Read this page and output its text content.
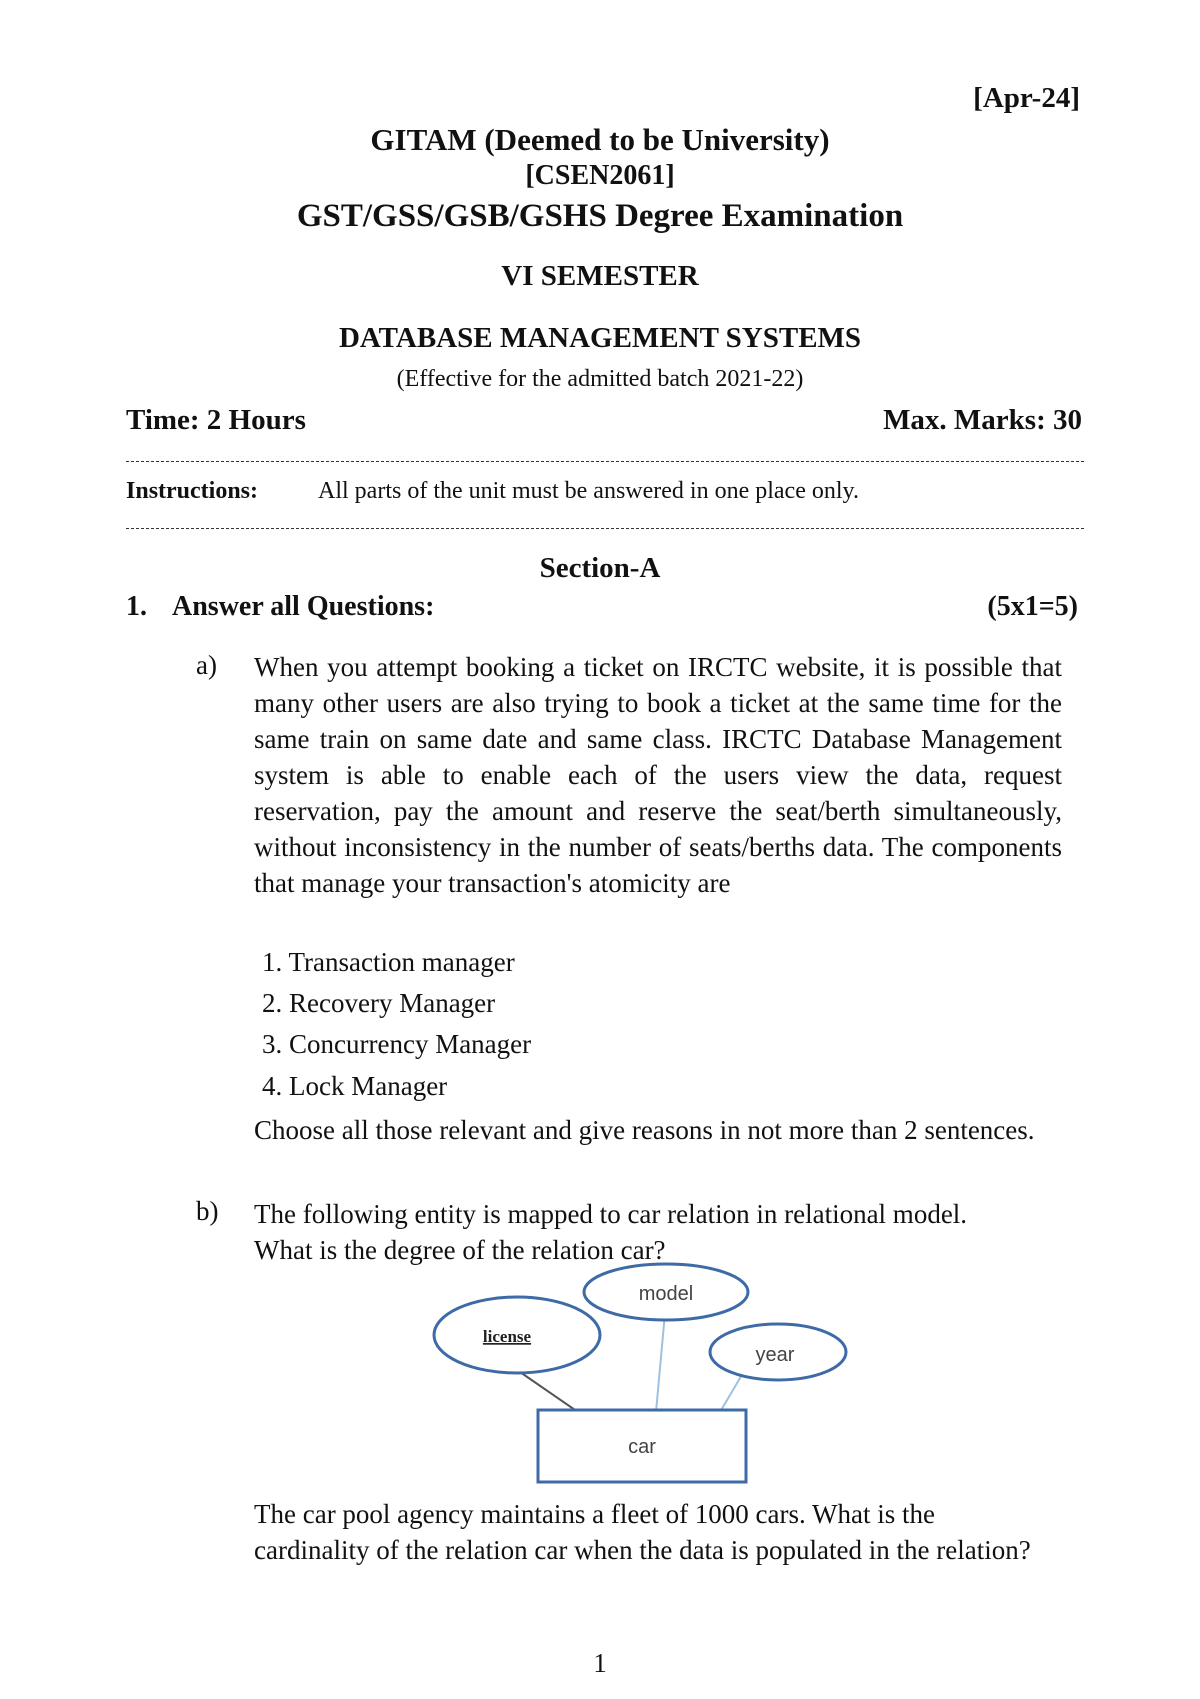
[Apr-24]
GITAM (Deemed to be University)
[CSEN2061]
GST/GSS/GSB/GSHS Degree Examination
VI SEMESTER
DATABASE MANAGEMENT SYSTEMS
(Effective for the admitted batch 2021-22)
Time: 2 Hours	Max. Marks: 30
Instructions: All parts of the unit must be answered in one place only.
Section-A
1. Answer all Questions:	(5x1=5)
a) When you attempt booking a ticket on IRCTC website, it is possible that many other users are also trying to book a ticket at the same time for the same train on same date and same class. IRCTC Database Management system is able to enable each of the users view the data, request reservation, pay the amount and reserve the seat/berth simultaneously, without inconsistency in the number of seats/berths data. The components that manage your transaction's atomicity are

1. Transaction manager
2. Recovery Manager
3. Concurrency Manager
4. Lock Manager

Choose all those relevant and give reasons in not more than 2 sentences.

b) The following entity is mapped to car relation in relational model. What is the degree of the relation car?

license
model
year
car

The car pool agency maintains a fleet of 1000 cars. What is the cardinality of the relation car when the data is populated in the relation?

1
